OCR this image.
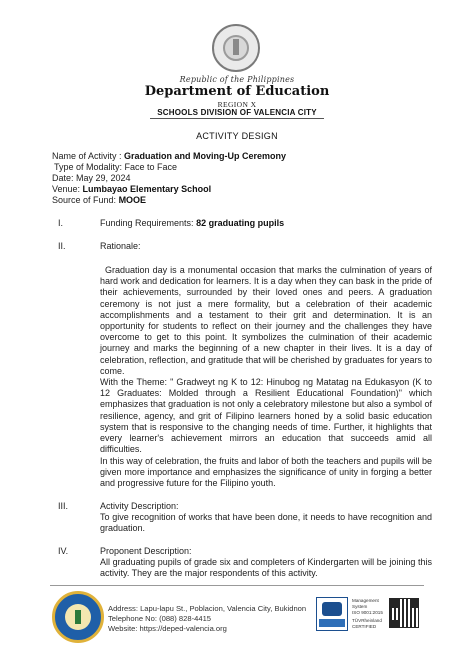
Republic of the Philippines
Department of Education
REGION X
SCHOOLS DIVISION OF VALENCIA CITY
ACTIVITY DESIGN
Name of Activity : Graduation and Moving-Up Ceremony
Type of Modality: Face to Face
Date: May 29, 2024
Venue: Lumbayao Elementary School
Source of Fund: MOOE
I.	Funding Requirements: 82 graduating pupils
II.	Rationale:

Graduation day is a monumental occasion that marks the culmination of years of hard work and dedication for learners. It is a day when they can bask in the pride of their achievements, surrounded by their loved ones and peers. A graduation ceremony is not just a mere formality, but a celebration of their academic accomplishments and a testament to their grit and determination. It is an opportunity for students to reflect on their journey and the challenges they have overcome to get to this point. It symbolizes the culmination of their academic journey and marks the beginning of a new chapter in their lives. It is a day of celebration, reflection, and gratitude that will be cherished by graduates for years to come.

With the Theme: " Gradweyt ng K to 12: Hinubog ng Matatag na Edukasyon (K to 12 Graduates: Molded through a Resilient Educational Foundation)" which emphasizes that graduation is not only a celebratory milestone but also a symbol of resilience, agency, and grit of Filipino learners honed by a solid basic education system that is responsive to the changing needs of time. Further, it highlights that every learner's achievement mirrors an education that succeeds amid all difficulties.

In this way of celebration, the fruits and labor of both the teachers and pupils will be given more importance and emphasizes the significance of unity in forging a better and progressive future for the Filipino youth.

III.	Activity Description:

To give recognition of works that have been done, it needs to have recognition and graduation.

IV.	Proponent Description:

All graduating pupils of grade six and completers of Kindergarten will be joining this activity. They are the major respondents of this activity.

Address: Lapu-lapu St., Poblacion, Valencia City, Bukidnon
Telephone No: (088) 828-4415
Website: https://deped-valencia.org
Management
System
ISO 9001:2015
TÜVRheinland
CERTIFIED
